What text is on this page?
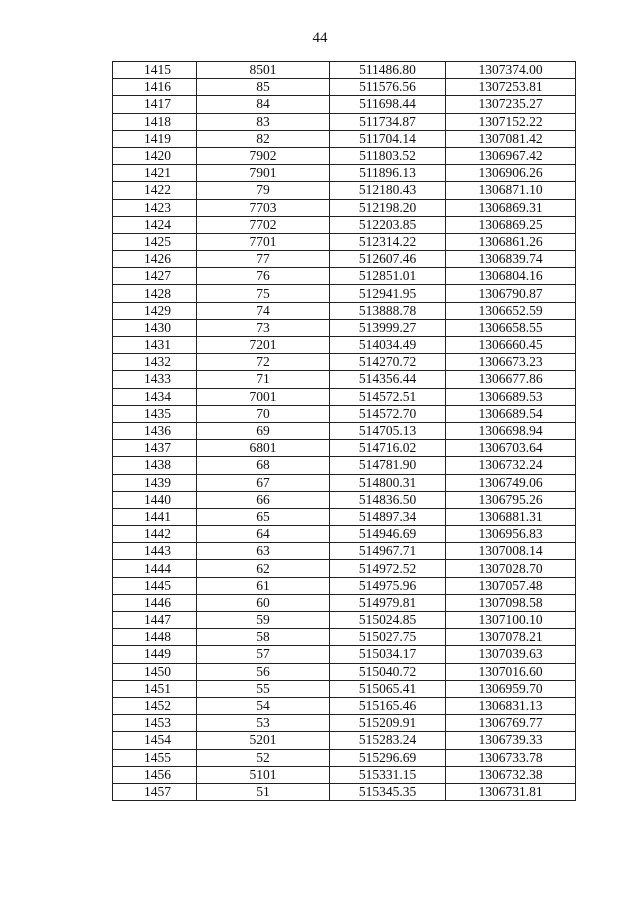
44
1415	8501	511486.80	1307374.00
1416	85	511576.56	1307253.81
1417	84	511698.44	1307235.27
1418	83	511734.87	1307152.22
1419	82	511704.14	1307081.42
1420	7902	511803.52	1306967.42
1421	7901	511896.13	1306906.26
1422	79	512180.43	1306871.10
1423	7703	512198.20	1306869.31
1424	7702	512203.85	1306869.25
1425	7701	512314.22	1306861.26
1426	77	512607.46	1306839.74
1427	76	512851.01	1306804.16
1428	75	512941.95	1306790.87
1429	74	513888.78	1306652.59
1430	73	513999.27	1306658.55
1431	7201	514034.49	1306660.45
1432	72	514270.72	1306673.23
1433	71	514356.44	1306677.86
1434	7001	514572.51	1306689.53
1435	70	514572.70	1306689.54
1436	69	514705.13	1306698.94
1437	6801	514716.02	1306703.64
1438	68	514781.90	1306732.24
1439	67	514800.31	1306749.06
1440	66	514836.50	1306795.26
1441	65	514897.34	1306881.31
1442	64	514946.69	1306956.83
1443	63	514967.71	1307008.14
1444	62	514972.52	1307028.70
1445	61	514975.96	1307057.48
1446	60	514979.81	1307098.58
1447	59	515024.85	1307100.10
1448	58	515027.75	1307078.21
1449	57	515034.17	1307039.63
1450	56	515040.72	1307016.60
1451	55	515065.41	1306959.70
1452	54	515165.46	1306831.13
1453	53	515209.91	1306769.77
1454	5201	515283.24	1306739.33
1455	52	515296.69	1306733.78
1456	5101	515331.15	1306732.38
1457	51	515345.35	1306731.81
